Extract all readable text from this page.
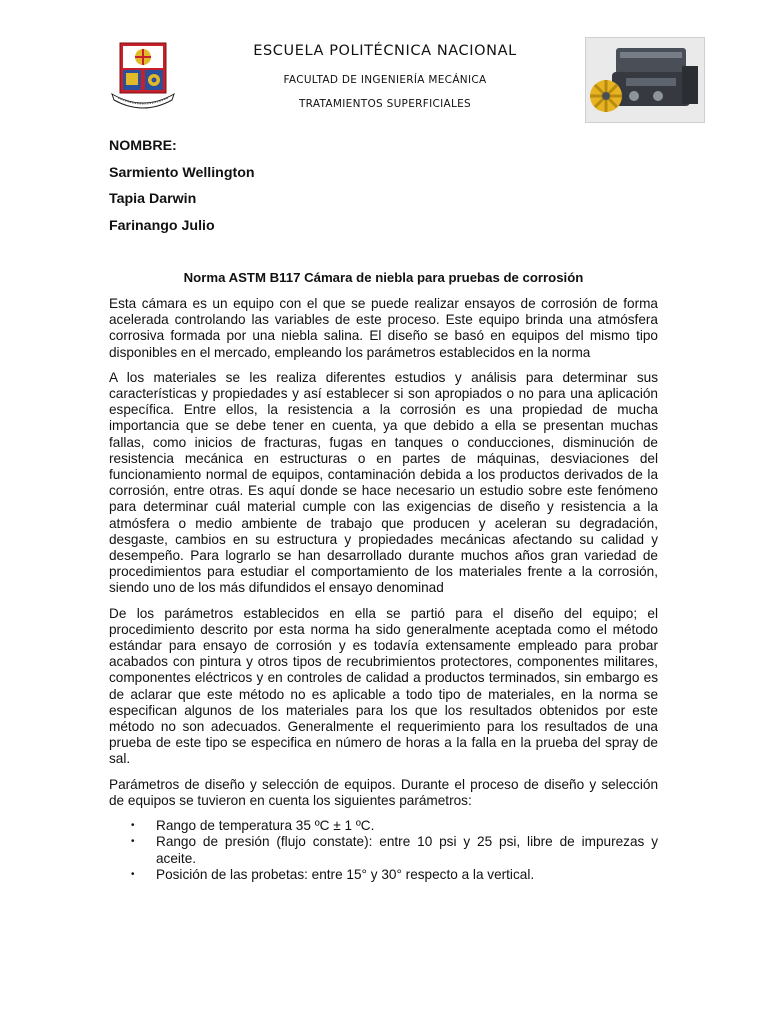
ESCUELA POLITÉCNICA NACIONAL
FACULTAD DE INGENIERÍA MECÁNICA
TRATAMIENTOS SUPERFICIALES
NOMBRE:
Sarmiento Wellington
Tapia Darwin
Farinango Julio
Norma ASTM B117 Cámara de niebla para pruebas de corrosión

Esta cámara es un equipo con el que se puede realizar ensayos de corrosión de forma acelerada controlando las variables de este proceso. Este equipo brinda una atmósfera corrosiva formada por una niebla salina. El diseño se basó en equipos del mismo tipo disponibles en el mercado, empleando los parámetros establecidos en la norma

A los materiales se les realiza diferentes estudios y análisis para determinar sus características y propiedades y así establecer si son apropiados o no para una aplicación específica. Entre ellos, la resistencia a la corrosión es una propiedad de mucha importancia que se debe tener en cuenta, ya que debido a ella se presentan muchas fallas, como inicios de fracturas, fugas en tanques o conducciones, disminución de resistencia mecánica en estructuras o en partes de máquinas, desviaciones del funcionamiento normal de equipos, contaminación debida a los productos derivados de la corrosión, entre otras. Es aquí donde se hace necesario un estudio sobre este fenómeno para determinar cuál material cumple con las exigencias de diseño y resistencia a la atmósfera o medio ambiente de trabajo que producen y aceleran su degradación, desgaste, cambios en su estructura y propiedades mecánicas afectando su calidad y desempeño. Para lograrlo se han desarrollado durante muchos años gran variedad de procedimientos para estudiar el comportamiento de los materiales frente a la corrosión, siendo uno de los más difundidos el ensayo denominad

De los parámetros establecidos en ella se partió para el diseño del equipo; el procedimiento descrito por esta norma ha sido generalmente aceptada como el método estándar para ensayo de corrosión y es todavía extensamente empleado para probar acabados con pintura y otros tipos de recubrimientos protectores, componentes militares, componentes eléctricos y en controles de calidad a productos terminados, sin embargo es de aclarar que este método no es aplicable a todo tipo de materiales, en la norma se especifican algunos de los materiales para los que los resultados obtenidos por este método no son adecuados. Generalmente el requerimiento para los resultados de una prueba de este tipo se especifica en número de horas a la falla en la prueba del spray de sal.

Parámetros de diseño y selección de equipos. Durante el proceso de diseño y selección de equipos se tuvieron en cuenta los siguientes parámetros:

• Rango de temperatura 35 ºC ± 1 ºC.
• Rango de presión (flujo constate): entre 10 psi y 25 psi, libre de impurezas y aceite.
• Posición de las probetas: entre 15° y 30° respecto a la vertical.
